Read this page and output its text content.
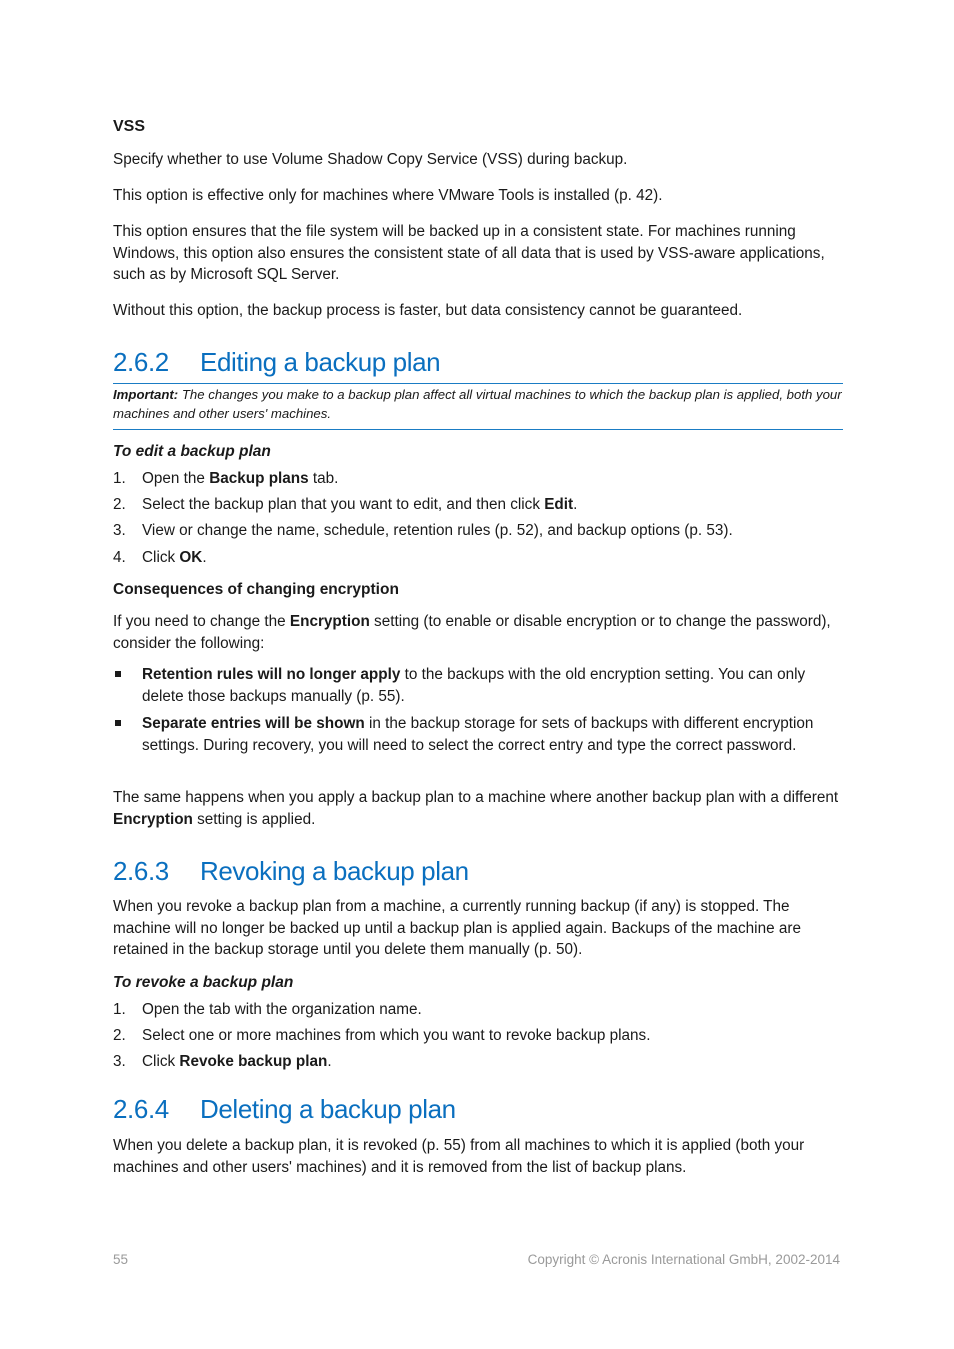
VSS

Specify whether to use Volume Shadow Copy Service (VSS) during backup.

This option is effective only for machines where VMware Tools is installed (p. 42).

This option ensures that the file system will be backed up in a consistent state. For machines running Windows, this option also ensures the consistent state of all data that is used by VSS-aware applications, such as by Microsoft SQL Server.

Without this option, the backup process is faster, but data consistency cannot be guaranteed.

2.6.2 Editing a backup plan

Important: The changes you make to a backup plan affect all virtual machines to which the backup plan is applied, both your machines and other users' machines.

To edit a backup plan

1. Open the Backup plans tab.
2. Select the backup plan that you want to edit, and then click Edit.
3. View or change the name, schedule, retention rules (p. 52), and backup options (p. 53).
4. Click OK.

Consequences of changing encryption

If you need to change the Encryption setting (to enable or disable encryption or to change the password), consider the following:

Retention rules will no longer apply to the backups with the old encryption setting. You can only delete those backups manually (p. 55).
Separate entries will be shown in the backup storage for sets of backups with different encryption settings. During recovery, you will need to select the correct entry and type the correct password.

The same happens when you apply a backup plan to a machine where another backup plan with a different Encryption setting is applied.

2.6.3 Revoking a backup plan

When you revoke a backup plan from a machine, a currently running backup (if any) is stopped. The machine will no longer be backed up until a backup plan is applied again. Backups of the machine are retained in the backup storage until you delete them manually (p. 50).

To revoke a backup plan

1. Open the tab with the organization name.
2. Select one or more machines from which you want to revoke backup plans.
3. Click Revoke backup plan.
2.6.4 Deleting a backup plan

When you delete a backup plan, it is revoked (p. 55) from all machines to which it is applied (both your machines and other users' machines) and it is removed from the list of backup plans.

55	Copyright © Acronis International GmbH, 2002-2014
